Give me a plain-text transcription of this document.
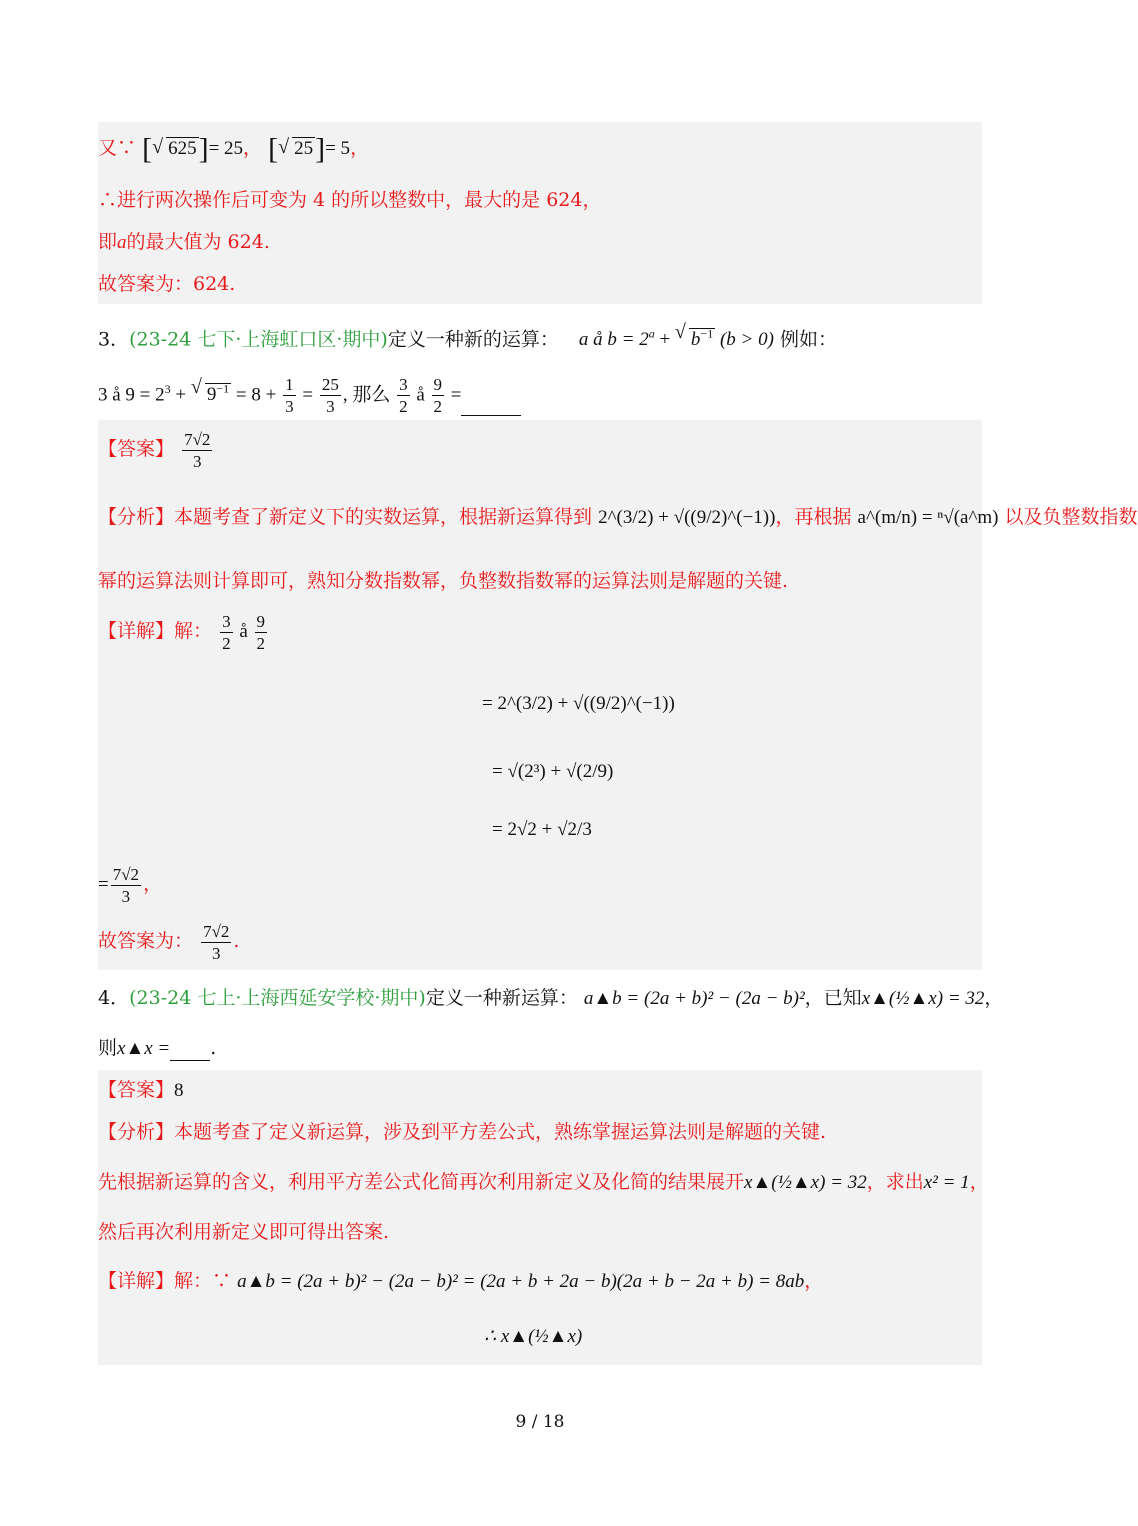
又∵ [ √ 625]= 25， [ √ 25]= 5，
∴进行两次操作后可变为 4 的所以整数中，最大的是 624，
即a的最大值为 624.
故答案为：624.
3．(23-24 七下·上海虹口区·期中)定义一种新的运算： a å $b = 2^a$ + √ $b^{-1}$ (b > 0) 例如：
3 å $9 = 2^3$ + √ $9^{-1} = 8 + \frac{1}{3} = \frac{25}{3}$ , 那么 $\frac{3}{2}$ å $\frac{9}{2}$ =
【答案】 $\frac{7√2}{3}$
【分析】本题考查了新定义下的实数运算，根据新运算得到 2^(3/2) + √((9/2)^(−1))，再根据 a^(m/n) = ⁿ√(a^m) 以及负整数指数
幂的运算法则计算即可，熟知分数指数幂，负整数指数幂的运算法则是解题的关键.
【详解】解： $\frac{3}{2}$ å $\frac{9}{2}$
= 2^(3/2) + √((9/2)^(−1))
= √(2³) + √(2/9)
= 2√2 + √2/3
= $\frac{7√2}{3}$ ，
故答案为： $\frac{7√2}{3}$ .
4．(23-24 七上·上海西延安学校·期中)定义一种新运算： a▲b = (2a + b)² − (2a − b)²，已知x▲(½▲x) = 32，
则x▲x = .
【答案】8
【分析】本题考查了定义新运算，涉及到平方差公式，熟练掌握运算法则是解题的关键.
先根据新运算的含义，利用平方差公式化简再次利用新定义及化简的结果展开x▲(½▲x) = 32，求出x² = 1，
然后再次利用新定义即可得出答案.
【详解】解：∵ a▲b = (2a + b)² − (2a − b)² = (2a + b + 2a − b)(2a + b − 2a + b) = 8ab，
∴ x▲(½▲x)
9 / 18
